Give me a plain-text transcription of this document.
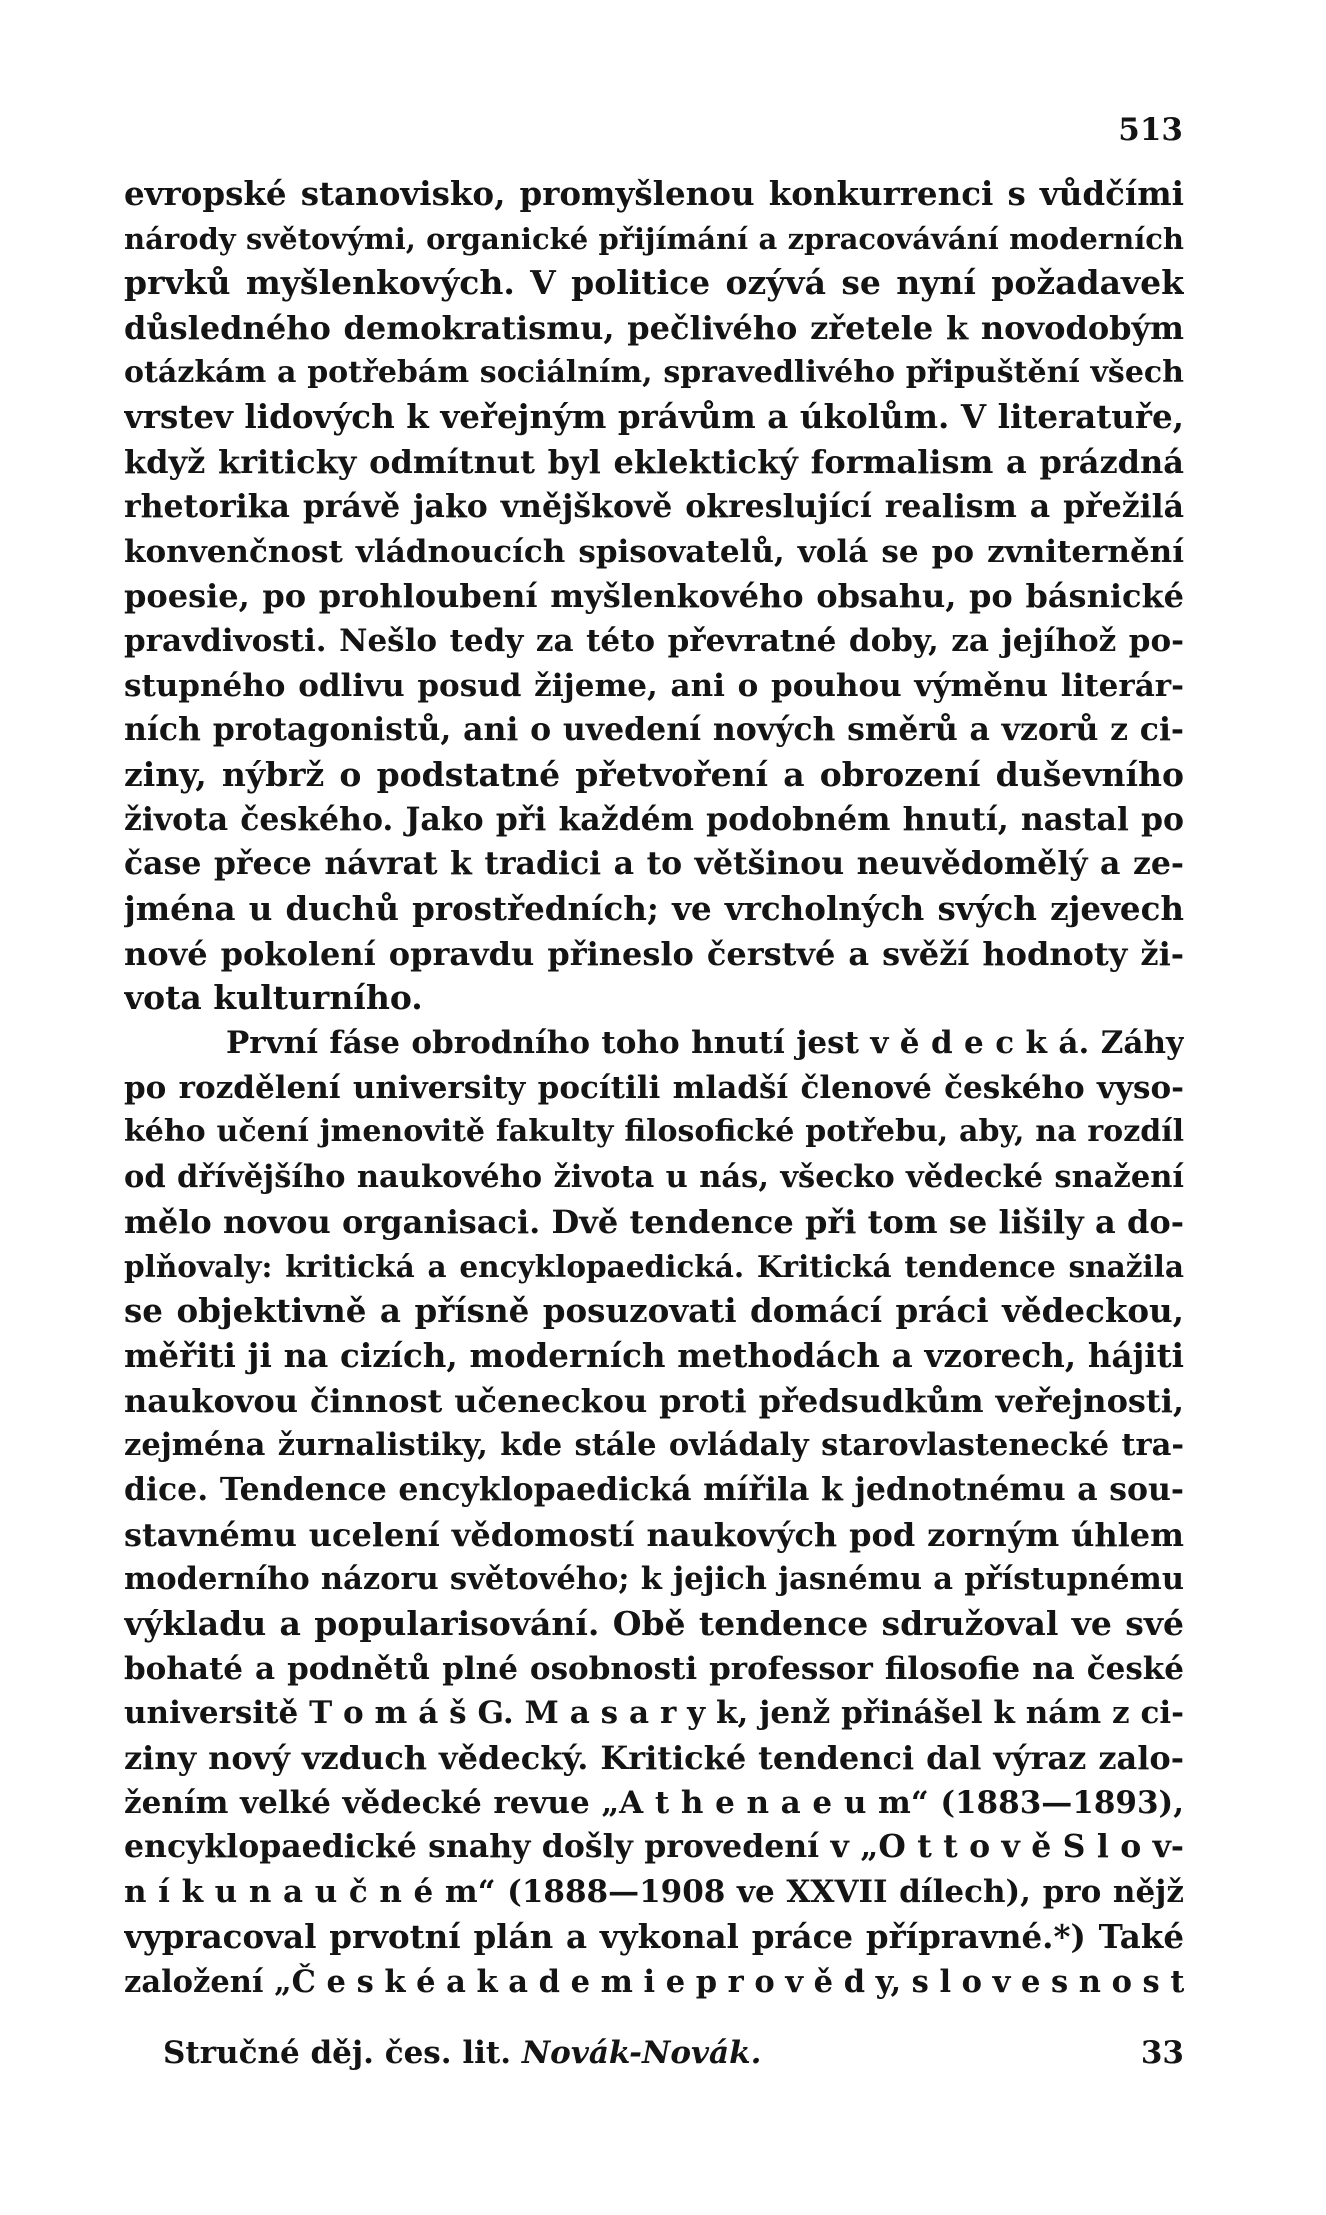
513
evropské stanovisko, promyšlenou konkurrenci s vůdčími
národy světovými, organické přijímání a zpracovávání moderních
prvků myšlenkových. V politice ozývá se nyní požadavek
důsledného demokratismu, pečlivého zřetele k novodobým
otázkám a potřebám sociálním, spravedlivého připuštění všech
vrstev lidových k veřejným právům a úkolům. V literatuře,
když kriticky odmítnut byl eklektický formalism a prázdná
rhetorika právě jako vnějškově okreslující realism a přežilá
konvenčnost vládnoucích spisovatelů, volá se po zvniternění
poesie, po prohloubení myšlenkového obsahu, po básnické
pravdivosti. Nešlo tedy za této převratné doby, za jejíhož po-
stupného odlivu posud žijeme, ani o pouhou výměnu literár-
ních protagonistů, ani o uvedení nových směrů a vzorů z ci-
ziny, nýbrž o podstatné přetvoření a obrození duševního
života českého. Jako při každém podobném hnutí, nastal po
čase přece návrat k tradici a to většinou neuvědomělý a ze-
jména u duchů prostředních; ve vrcholných svých zjevech
nové pokolení opravdu přineslo čerstvé a svěží hodnoty ži-
vota kulturního.
První fáse obrodního toho hnutí jest v ě d e c k á. Záhy
po rozdělení university pocítili mladší členové českého vyso-
kého učení jmenovitě fakulty filosofické potřebu, aby, na rozdíl
od dřívějšího naukového života u nás, všecko vědecké snažení
mělo novou organisaci. Dvě tendence při tom se lišily a do-
plňovaly: kritická a encyklopaedická. Kritická tendence snažila
se objektivně a přísně posuzovati domácí práci vědeckou,
měřiti ji na cizích, moderních methodách a vzorech, hájiti
naukovou činnost učeneckou proti předsudkům veřejnosti,
zejména žurnalistiky, kde stále ovládaly starovlastenecké tra-
dice. Tendence encyklopaedická mířila k jednotnému a sou-
stavnému ucelení vědomostí naukových pod zorným úhlem
moderního názoru světového; k jejich jasnému a přístupnému
výkladu a popularisování. Obě tendence sdružoval ve své
bohaté a podnětů plné osobnosti professor filosofie na české
universitě T o m á š G. M a s a r y k, jenž přinášel k nám z ci-
ziny nový vzduch vědecký. Kritické tendenci dal výraz zalo-
žením velké vědecké revue „A t h e n a e u m“ (1883—1893),
encyklopaedické snahy došly provedení v „O t t o v ě S l o v-
n í k u n a u č n é m“ (1888—1908 ve XXVII dílech), pro nějž
vypracoval prvotní plán a vykonal práce přípravné.*) Také
založení „Č e s k é a k a d e m i e p r o v ě d y, s l o v e s n o s t
Stručné děj. čes. lit. Novák-Novák.	33
